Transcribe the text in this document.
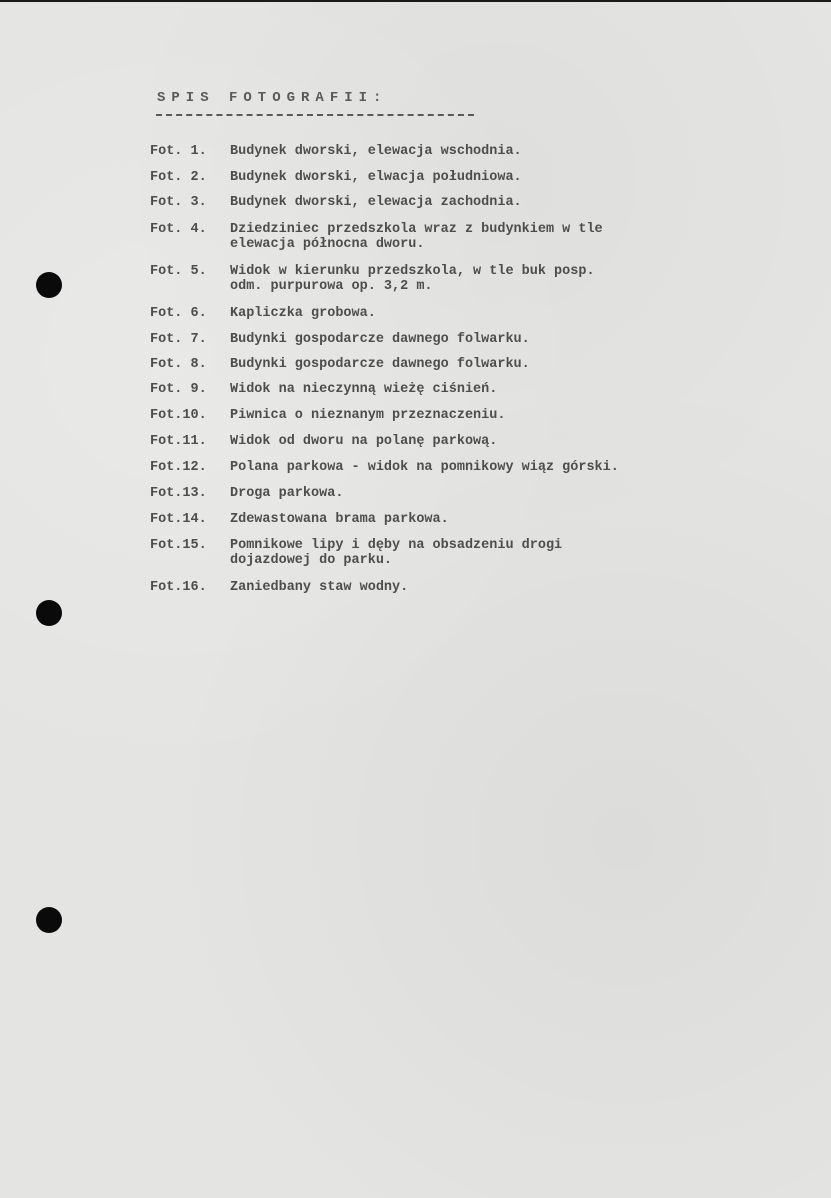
SPIS FOTOGRAFII:
Fot. 1. Budynek dworski, elewacja wschodnia.
Fot. 2. Budynek dworski, elwacja południowa.
Fot. 3. Budynek dworski, elewacja zachodnia.
Fot. 4. Dziedziniec przedszkola wraz z budynkiem w tle
elewacja północna dworu.
Fot. 5. Widok w kierunku przedszkola, w tle buk posp.
odm. purpurowa op. 3,2 m.
Fot. 6. Kapliczka grobowa.
Fot. 7. Budynki gospodarcze dawnego folwarku.
Fot. 8. Budynki gospodarcze dawnego folwarku.
Fot. 9. Widok na nieczynną wieżę ciśnień.
Fot.10. Piwnica o nieznanym przeznaczeniu.
Fot.11. Widok od dworu na polanę parkową.
Fot.12. Polana parkowa - widok na pomnikowy wiąz górski.
Fot.13. Droga parkowa.
Fot.14. Zdewastowana brama parkowa.
Fot.15. Pomnikowe lipy i dęby na obsadzeniu drogi
dojazdowej do parku.
Fot.16. Zaniedbany staw wodny.
